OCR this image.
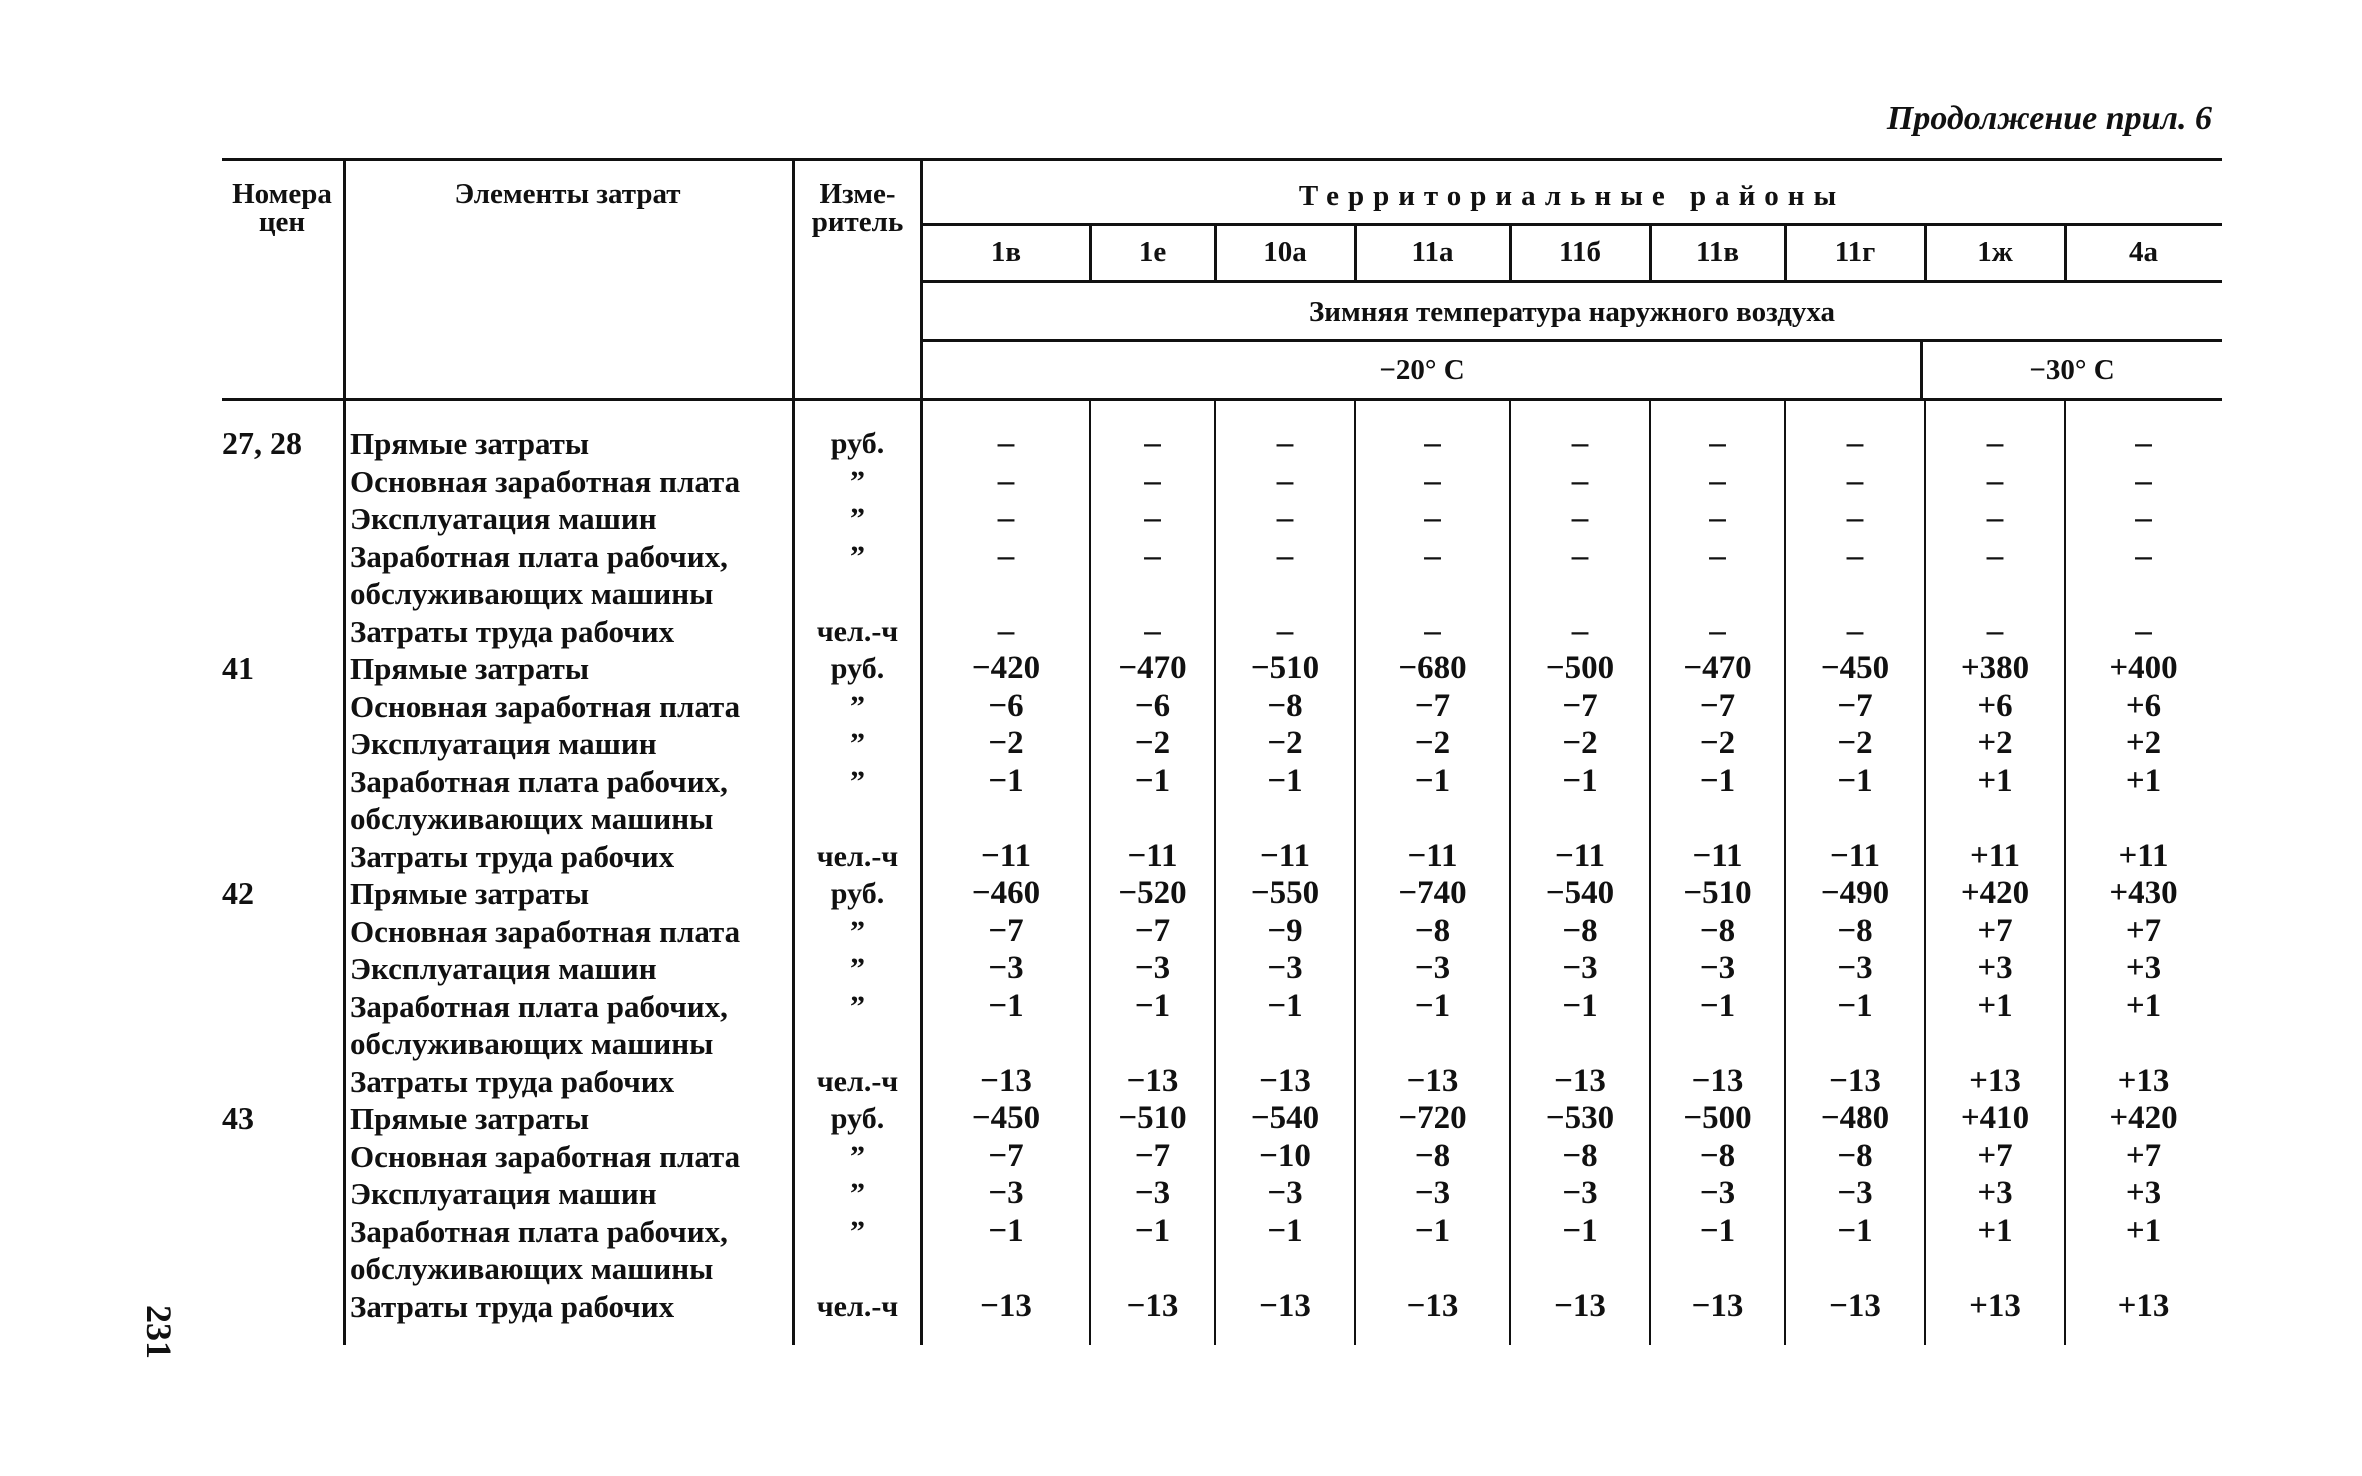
Продолжение прил. 6
231
Номера цен
Элементы затрат	Изме-ритель
Территориальные районы
Зимняя температура наружного воздуха
−20° С	−30° С
1в	1е	10а	11а	11б	11в	11г	1ж	4а
27, 28 Прямые затраты	руб.	–	–	–	–	–	–	–	–	–
Основная заработная плата	”	–	–	–	–	–	–	–	–	–
Эксплуатация машин	”	–	–	–	–	–	–	–	–	–
Заработная плата рабочих,	”	–	–	–	–	–	–	–	–	–
обслуживающих машины
Затраты труда рабочих	чел.-ч	–	–	–	–	–	–	–	–	–
41	Прямые затраты	руб.	−420	−470	−510	−680	−500	−470	−450	+380	+400
Основная заработная плата	”	−6	−6	−8	−7	−7	−7	−7	+6	+6
Эксплуатация машин	”	−2	−2	−2	−2	−2	−2	−2	+2	+2
Заработная плата рабочих,	”	−1	−1	−1	−1	−1	−1	−1	+1	+1
обслуживающих машины
Затраты труда рабочих	чел.-ч	−11	−11	−11	−11	−11	−11	−11	+11	+11
42	Прямые затраты	руб.	−460	−520	−550	−740	−540	−510	−490	+420	+430
Основная заработная плата	”	−7	−7	−9	−8	−8	−8	−8	+7	+7
Эксплуатация машин	”	−3	−3	−3	−3	−3	−3	−3	+3	+3
Заработная плата рабочих,	”	−1	−1	−1	−1	−1	−1	−1	+1	+1
обслуживающих машины
Затраты труда рабочих	чел.-ч	−13	−13	−13	−13	−13	−13	−13	+13	+13
43	Прямые затраты	руб.	−450	−510	−540	−720	−530	−500	−480	+410	+420
Основная заработная плата	”	−7	−7	−10	−8	−8	−8	−8	+7	+7
Эксплуатация машин	”	−3	−3	−3	−3	−3	−3	−3	+3	+3
Заработная плата рабочих,	”	−1	−1	−1	−1	−1	−1	−1	+1	+1
обслуживающих машины
Затраты труда рабочих	чел.-ч	−13	−13	−13	−13	−13	−13	−13	+13	+13
